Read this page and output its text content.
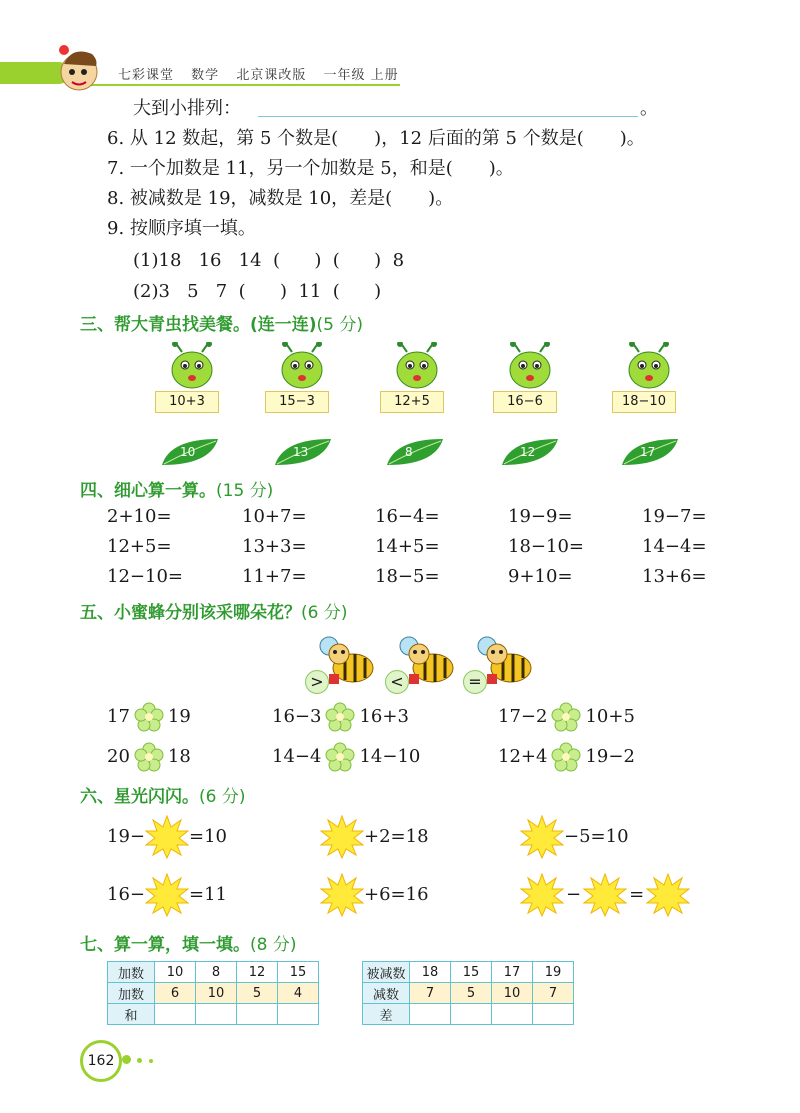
七彩课堂 数学 北京课改版 一年级 上册
大到小排列：	。
6. 从 12 数起，第 5 个数是( )，12 后面的第 5 个数是( )。
7. 一个加数是 11，另一个加数是 5，和是( )。
8. 被减数是 19，减数是 10，差是( )。
9. 按顺序填一填。
(1)18   16   14  (      )  (      )  8
(2)3   5   7  (      )  11  (      )
三、帮大青虫找美餐。(连一连)(5 分)
四、细心算一算。(15 分)
五、小蜜蜂分别该采哪朵花？(6 分)
六、星光闪闪。(6 分)
七、算一算，填一填。(8 分)
加数	10	8	12	15
加数	6	10	5	4
和				
被减数	18	15	17	19
减数	7	5	10	7
差				
162
10+3	15−3	12+5	16−6	18−10
10	13	8	12	17
2+10=	10+7=	16−4=	19−9=	19−7=
12+5=	13+3=	14+5=	18−10=	14−4=
12−10=	11+7=	18−5=	9+10=	13+6=
>	<	=
17 19	16−3 16+3	17−2 10+5
20 18	14−4 14−10	12+4 19−2
19− =10	+2=18	−5=10
16− =11	+6=16	−	=
